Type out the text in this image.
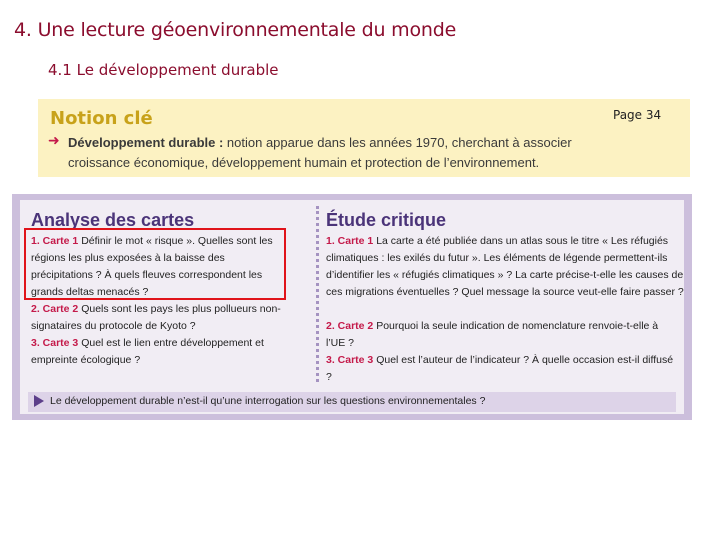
4. Une lecture géoenvironnementale du monde
4.1 Le développement durable
Notion clé
➜ Développement durable : notion apparue dans les années 1970, cherchant à associer croissance économique, développement humain et protection de l’environnement.
Page 34
Analyse des cartes
1. Carte 1 Définir le mot « risque ». Quelles sont les régions les plus exposées à la baisse des précipitations ? À quels fleuves correspondent les grands deltas menacés ?
2. Carte 2 Quels sont les pays les plus pollueurs non-signataires du protocole de Kyoto ?
3. Carte 3 Quel est le lien entre développement et empreinte écologique ?
Étude critique
1. Carte 1 La carte a été publiée dans un atlas sous le titre « Les réfugiés climatiques : les exilés du futur ». Les éléments de légende permettent-ils d’identifier les « réfugiés climatiques » ? La carte précise-t-elle les causes de ces migrations éventuelles ? Quel message la source veut-elle faire passer ?
2. Carte 2 Pourquoi la seule indication de nomenclature renvoie-t-elle à l’UE ?
3. Carte 3 Quel est l’auteur de l’indicateur ? À quelle occasion est-il diffusé ?
Le développement durable n’est-il qu’une interrogation sur les questions environnementales ?
